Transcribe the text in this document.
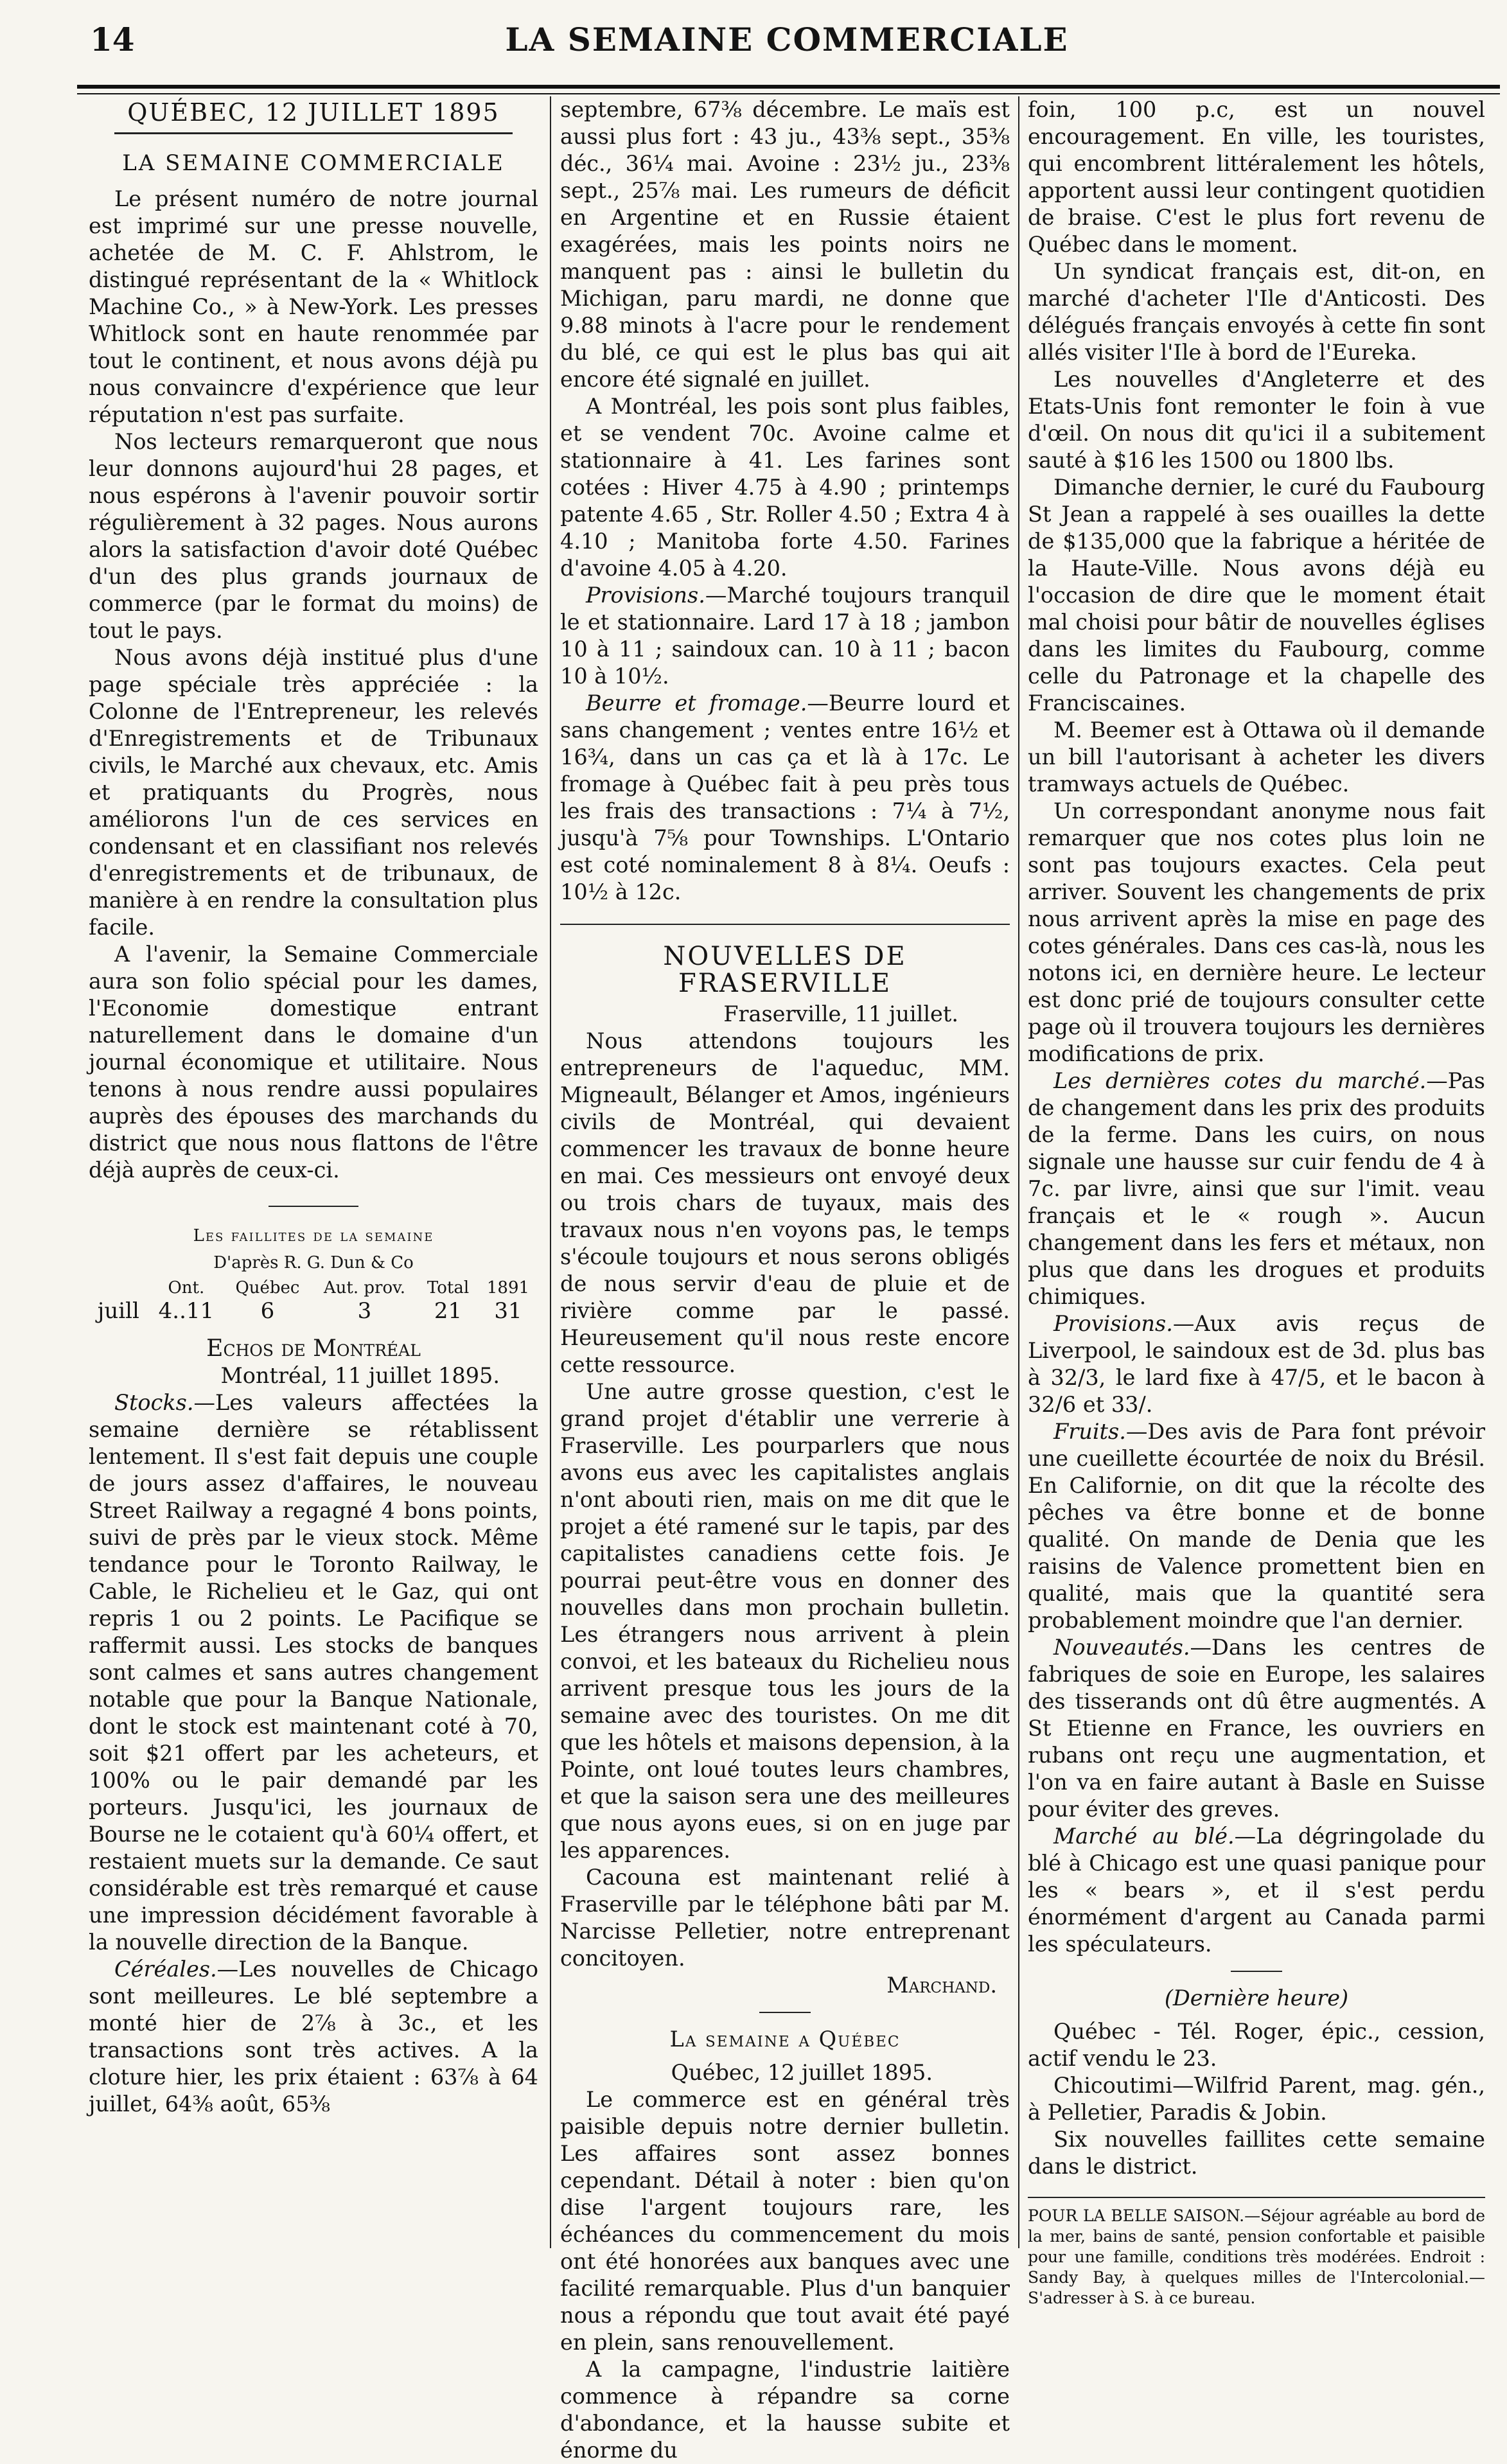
14	LA SEMAINE COMMERCIALE
QUÉBEC, 12 JUILLET 1895
LA SEMAINE COMMERCIALE

Le présent numéro de notre journal est imprimé sur une presse nouvelle, achetée de M. C. F. Ahlstrom, le distingué représentant de la « Whitlock Machine Co., » à New-York. Les presses Whitlock sont en haute renommée par tout le continent, et nous avons déjà pu nous convaincre d'expérience que leur réputation n'est pas surfaite.

Nos lecteurs remarqueront que nous leur donnons aujourd'hui 28 pages, et nous espérons à l'avenir pouvoir sortir régulièrement à 32 pages. Nous aurons alors la satisfaction d'avoir doté Québec d'un des plus grands journaux de commerce (par le format du moins) de tout le pays.

Nous avons déjà institué plus d'une page spéciale très appréciée : la Colonne de l'Entrepreneur, les relevés d'Enregistrements et de Tribunaux civils, le Marché aux chevaux, etc. Amis et pratiquants du Progrès, nous améliorons l'un de ces services en condensant et en classifiant nos relevés d'enregistrements et de tribunaux, de manière à en rendre la consultation plus facile.

A l'avenir, la Semaine Commerciale aura son folio spécial pour les dames, l'Economie domestique entrant naturellement dans le domaine d'un journal économique et utilitaire. Nous tenons à nous rendre aussi populaires auprès des épouses des marchands du district que nous nous flattons de l'être déjà auprès de ceux-ci.

Les faillites de la semaine

D'après R. G. Dun & Co

	Ont.	Québec	Aut. prov.	Total	1891
juill	4..11	6	3	21	31

Echos de Montréal

Montréal, 11 juillet 1895.

Stocks.—Les valeurs affectées la semaine dernière se rétablissent lentement. Il s'est fait depuis une couple de jours assez d'affaires, le nouveau Street Railway a regagné 4 bons points, suivi de près par le vieux stock. Même tendance pour le Toronto Railway, le Cable, le Richelieu et le Gaz, qui ont repris 1 ou 2 points. Le Pacifique se raffermit aussi. Les stocks de banques sont calmes et sans autres changement notable que pour la Banque Nationale, dont le stock est maintenant coté à 70, soit $21 offert par les acheteurs, et 100% ou le pair demandé par les porteurs. Jusqu'ici, les journaux de Bourse ne le cotaient qu'à 60¼ offert, et restaient muets sur la demande. Ce saut considérable est très remarqué et cause une impression décidément favorable à la nouvelle direction de la Banque.

Céréales.—Les nouvelles de Chicago sont meilleures. Le blé septembre a monté hier de 2⅞ à 3c., et les transactions sont très actives. A la cloture hier, les prix étaient : 63⅞ à 64 juillet, 64⅜ août, 65⅜

septembre, 67⅜ décembre. Le maïs est aussi plus fort : 43 ju., 43⅜ sept., 35⅜ déc., 36¼ mai. Avoine : 23½ ju., 23⅜ sept., 25⅞ mai. Les rumeurs de déficit en Argentine et en Russie étaient exagérées, mais les points noirs ne manquent pas : ainsi le bulletin du Michigan, paru mardi, ne donne que 9.88 minots à l'acre pour le rendement du blé, ce qui est le plus bas qui ait encore été signalé en juillet.

A Montréal, les pois sont plus faibles, et se vendent 70c. Avoine calme et stationnaire à 41. Les farines sont cotées : Hiver 4.75 à 4.90 ; printemps patente 4.65 , Str. Roller 4.50 ; Extra 4 à 4.10 ; Manitoba forte 4.50. Farines d'avoine 4.05 à 4.20.

Provisions.—Marché toujours tranquil le et stationnaire. Lard 17 à 18 ; jambon 10 à 11 ; saindoux can. 10 à 11 ; bacon 10 à 10½.

Beurre et fromage.—Beurre lourd et sans changement ; ventes entre 16½ et 16¾, dans un cas ça et là à 17c. Le fromage à Québec fait à peu près tous les frais des transactions : 7¼ à 7½, jusqu'à 7⅝ pour Townships. L'Ontario est coté nominalement 8 à 8¼. Oeufs : 10½ à 12c.

NOUVELLES DE FRASERVILLE

Fraserville, 11 juillet.

Nous attendons toujours les entrepreneurs de l'aqueduc, MM. Migneault, Bélanger et Amos, ingénieurs civils de Montréal, qui devaient commencer les travaux de bonne heure en mai. Ces messieurs ont envoyé deux ou trois chars de tuyaux, mais des travaux nous n'en voyons pas, le temps s'écoule toujours et nous serons obligés de nous servir d'eau de pluie et de rivière comme par le passé. Heureusement qu'il nous reste encore cette ressource.

Une autre grosse question, c'est le grand projet d'établir une verrerie à Fraserville. Les pourparlers que nous avons eus avec les capitalistes anglais n'ont abouti rien, mais on me dit que le projet a été ramené sur le tapis, par des capitalistes canadiens cette fois. Je pourrai peut-être vous en donner des nouvelles dans mon prochain bulletin. Les étrangers nous arrivent à plein convoi, et les bateaux du Richelieu nous arrivent presque tous les jours de la semaine avec des touristes. On me dit que les hôtels et maisons depension, à la Pointe, ont loué toutes leurs chambres, et que la saison sera une des meilleures que nous ayons eues, si on en juge par les apparences.

Cacouna est maintenant relié à Fraserville par le téléphone bâti par M. Narcisse Pelletier, notre entreprenant concitoyen.

Marchand.

La semaine a Québec

Québec, 12 juillet 1895.

Le commerce est en général très paisible depuis notre dernier bulletin. Les affaires sont assez bonnes cependant. Détail à noter : bien qu'on dise l'argent toujours rare, les échéances du commencement du mois ont été honorées aux banques avec une facilité remarquable. Plus d'un banquier nous a répondu que tout avait été payé en plein, sans renouvellement.

A la campagne, l'industrie laitière commence à répandre sa corne d'abondance, et la hausse subite et énorme du

foin, 100 p.c, est un nouvel encouragement. En ville, les touristes, qui encombrent littéralement les hôtels, apportent aussi leur contingent quotidien de braise. C'est le plus fort revenu de Québec dans le moment.

Un syndicat français est, dit-on, en marché d'acheter l'Ile d'Anticosti. Des délégués français envoyés à cette fin sont allés visiter l'Ile à bord de l'Eureka.

Les nouvelles d'Angleterre et des Etats-Unis font remonter le foin à vue d'œil. On nous dit qu'ici il a subitement sauté à $16 les 1500 ou 1800 lbs.

Dimanche dernier, le curé du Faubourg St Jean a rappelé à ses ouailles la dette de $135,000 que la fabrique a héritée de la Haute-Ville. Nous avons déjà eu l'occasion de dire que le moment était mal choisi pour bâtir de nouvelles églises dans les limites du Faubourg, comme celle du Patronage et la chapelle des Franciscaines.

M. Beemer est à Ottawa où il demande un bill l'autorisant à acheter les divers tramways actuels de Québec.

Un correspondant anonyme nous fait remarquer que nos cotes plus loin ne sont pas toujours exactes. Cela peut arriver. Souvent les changements de prix nous arrivent après la mise en page des cotes générales. Dans ces cas-là, nous les notons ici, en dernière heure. Le lecteur est donc prié de toujours consulter cette page où il trouvera toujours les dernières modifications de prix.

Les dernières cotes du marché.—Pas de changement dans les prix des produits de la ferme. Dans les cuirs, on nous signale une hausse sur cuir fendu de 4 à 7c. par livre, ainsi que sur l'imit. veau français et le « rough ». Aucun changement dans les fers et métaux, non plus que dans les drogues et produits chimiques.

Provisions.—Aux avis reçus de Liverpool, le saindoux est de 3d. plus bas à 32/3, le lard fixe à 47/5, et le bacon à 32/6 et 33/.

Fruits.—Des avis de Para font prévoir une cueillette écourtée de noix du Brésil. En Californie, on dit que la récolte des pêches va être bonne et de bonne qualité. On mande de Denia que les raisins de Valence promettent bien en qualité, mais que la quantité sera probablement moindre que l'an dernier.

Nouveautés.—Dans les centres de fabriques de soie en Europe, les salaires des tisserands ont dû être augmentés. A St Etienne en France, les ouvriers en rubans ont reçu une augmentation, et l'on va en faire autant à Basle en Suisse pour éviter des greves.

Marché au blé.—La dégringolade du blé à Chicago est une quasi panique pour les « bears », et il s'est perdu énormément d'argent au Canada parmi les spéculateurs.

(Dernière heure)

Québec - Tél. Roger, épic., cession, actif vendu le 23.

Chicoutimi—Wilfrid Parent, mag. gén., à Pelletier, Paradis & Jobin.

Six nouvelles faillites cette semaine dans le district.

POUR LA BELLE SAISON.—Séjour agréable au bord de la mer, bains de santé, pension confortable et paisible pour une famille, conditions très modérées. Endroit : Sandy Bay, à quelques milles de l'Intercolonial.—S'adresser à S. à ce bureau.
